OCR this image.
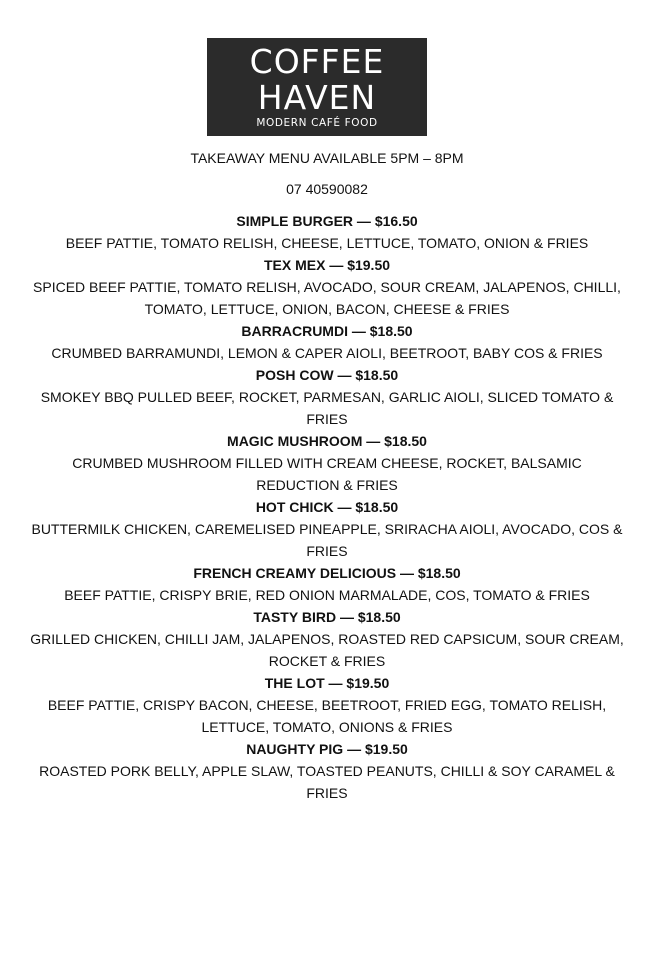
COFFEE
HAVEN
MODERN CAFÉ FOOD
TAKEAWAY MENU AVAILABLE 5PM – 8PM
07 40590082
SIMPLE BURGER — $16.50
BEEF PATTIE, TOMATO RELISH, CHEESE, LETTUCE, TOMATO, ONION & FRIES
TEX MEX — $19.50
SPICED BEEF PATTIE, TOMATO RELISH, AVOCADO, SOUR CREAM, JALAPENOS, CHILLI, TOMATO, LETTUCE, ONION, BACON, CHEESE & FRIES
BARRACRUMDI — $18.50
CRUMBED BARRAMUNDI, LEMON & CAPER AIOLI, BEETROOT, BABY COS & FRIES
POSH COW — $18.50
SMOKEY BBQ PULLED BEEF, ROCKET, PARMESAN, GARLIC AIOLI, SLICED TOMATO & FRIES
MAGIC MUSHROOM — $18.50
CRUMBED MUSHROOM FILLED WITH CREAM CHEESE, ROCKET, BALSAMIC REDUCTION & FRIES
HOT CHICK — $18.50
BUTTERMILK CHICKEN, CAREMELISED PINEAPPLE, SRIRACHA AIOLI, AVOCADO, COS & FRIES
FRENCH CREAMY DELICIOUS — $18.50
BEEF PATTIE, CRISPY BRIE, RED ONION MARMALADE, COS, TOMATO & FRIES
TASTY BIRD — $18.50
GRILLED CHICKEN, CHILLI JAM, JALAPENOS, ROASTED RED CAPSICUM, SOUR CREAM, ROCKET & FRIES
THE LOT — $19.50
BEEF PATTIE, CRISPY BACON, CHEESE, BEETROOT, FRIED EGG, TOMATO RELISH, LETTUCE, TOMATO, ONIONS & FRIES
NAUGHTY PIG — $19.50
ROASTED PORK BELLY, APPLE SLAW, TOASTED PEANUTS, CHILLI & SOY CARAMEL & FRIES
